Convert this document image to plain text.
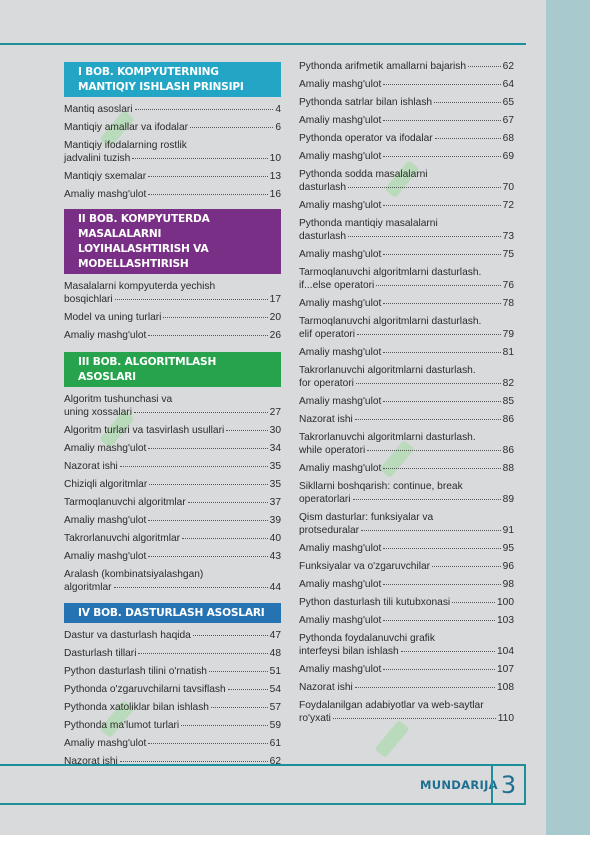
I BOB. KOMPYUTERNING MANTIQIY ISHLASH PRINSIPI
Mantiq asoslari	4
Mantiqiy amallar va ifodalar	6
Mantiqiy ifodalarning rostlik
jadvalini tuzish	10
Mantiqiy sxemalar	13
Amaliy mashg'ulot	16
II BOB. KOMPYUTERDA MASALALARNI LOYIHALASHTIRISH VA MODELLASHTIRISH
Masalalarni kompyuterda yechish
bosqichlari	17
Model va uning turlari	20
Amaliy mashg'ulot	26
III BOB. ALGORITMLASH ASOSLARI
Algoritm tushunchasi va
uning xossalari	27
Algoritm turlari va tasvirlash usullari	30
Amaliy mashg'ulot	34
Nazorat ishi	35
Chiziqli algoritmlar	35
Tarmoqlanuvchi algoritmlar	37
Amaliy mashg'ulot	39
Takrorlanuvchi algoritmlar	40
Amaliy mashg'ulot	43
Aralash (kombinatsiyalashgan)
algoritmlar	44
IV BOB. DASTURLASH ASOSLARI
Dastur va dasturlash haqida	47
Dasturlash tillari	48
Python dasturlash tilini o'rnatish	51
Pythonda o'zgaruvchilarni tavsiflash	54
Pythonda xatoliklar bilan ishlash	57
Pythonda ma'lumot turlari	59
Amaliy mashg'ulot	61
Nazorat ishi	62
Pythonda arifmetik amallarni bajarish	62
Amaliy mashg'ulot	64
Pythonda satrlar bilan ishlash	65
Amaliy mashg'ulot	67
Pythonda operator va ifodalar	68
Amaliy mashg'ulot	69
Pythonda sodda masalalarni
dasturlash	70
Amaliy mashg'ulot	72
Pythonda mantiqiy masalalarni
dasturlash	73
Amaliy mashg'ulot	75
Tarmoqlanuvchi algoritmlarni dasturlash.
if...else operatori	76
Amaliy mashg'ulot	78
Tarmoqlanuvchi algoritmlarni dasturlash.
elif operatori	79
Amaliy mashg'ulot	81
Takrorlanuvchi algoritmlarni dasturlash.
for operatori	82
Amaliy mashg'ulot	85
Nazorat ishi	86
Takrorlanuvchi algoritmlarni dasturlash.
while operatori	86
Amaliy mashg'ulot	88
Sikllarni boshqarish: continue, break
operatorlari	89
Qism dasturlar: funksiyalar va
protseduralar	91
Amaliy mashg'ulot	95
Funksiyalar va o'zgaruvchilar	96
Amaliy mashg'ulot	98
Python dasturlash tili kutubxonasi	100
Amaliy mashg'ulot	103
Pythonda foydalanuvchi grafik
interfeysi bilan ishlash	104
Amaliy mashg'ulot	107
Nazorat ishi	108
Foydalanilgan adabiyotlar va web-saytlar
ro'yxati	110
MUNDARIJA 3
